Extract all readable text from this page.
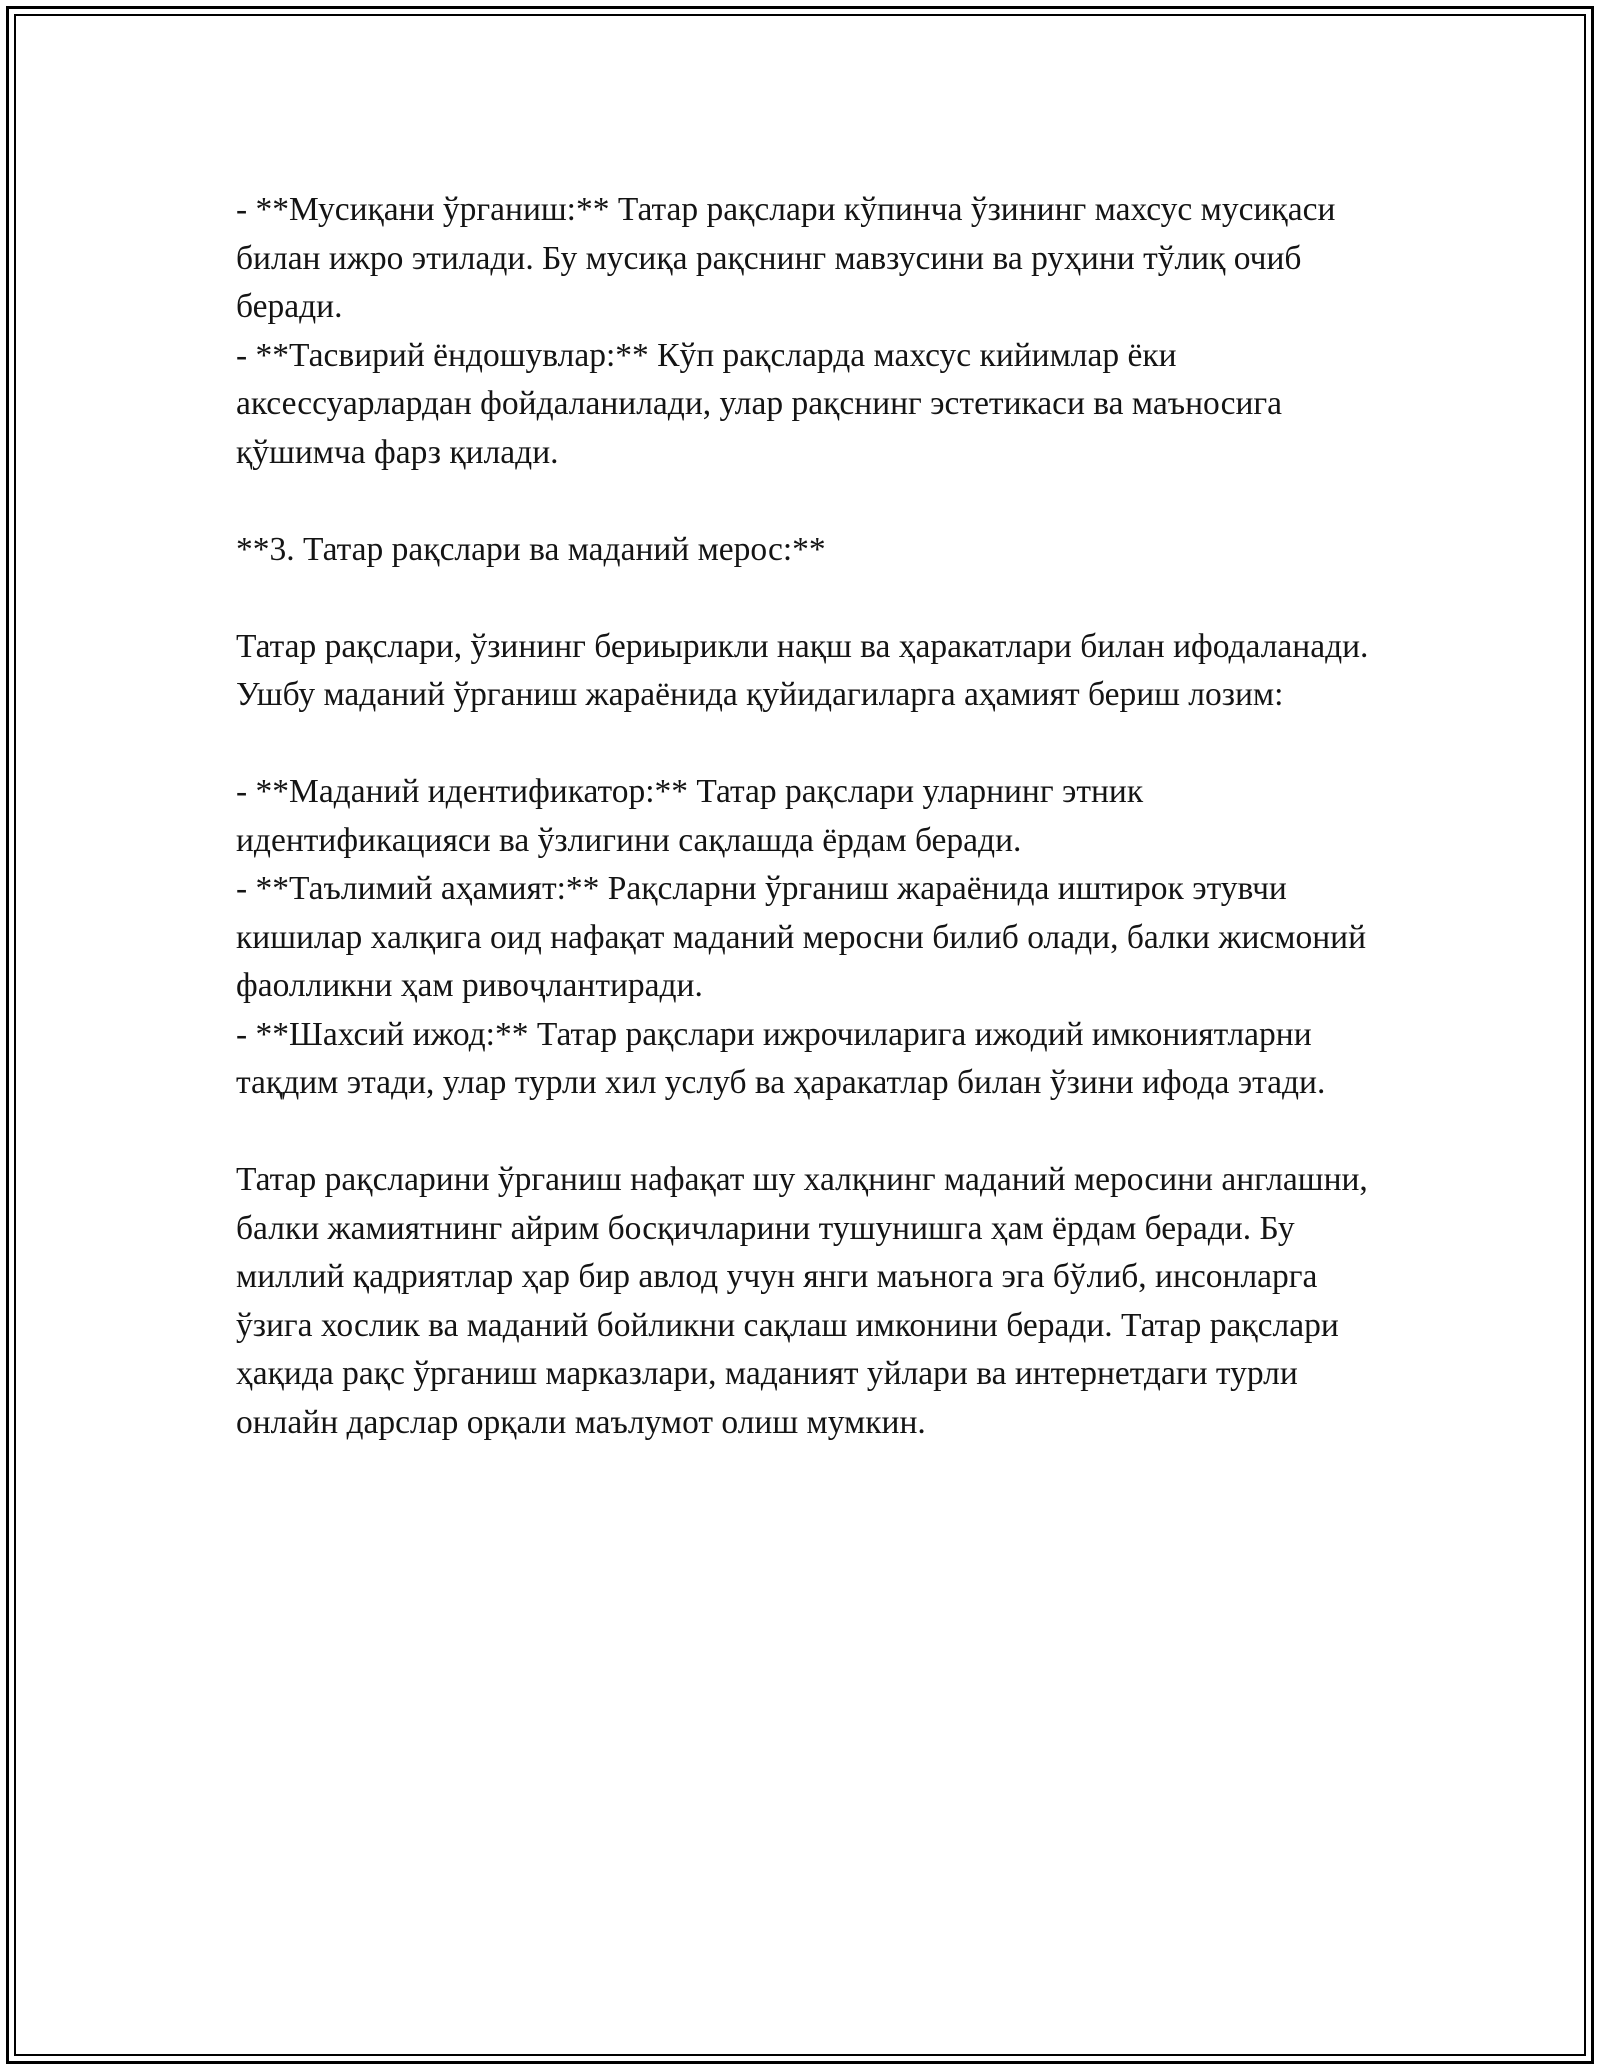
- **Мусиқани ўрганиш:** Татар рақслари кўпинча ўзининг махсус мусиқаси билан ижро этилади. Бу мусиқа рақснинг мавзусини ва руҳини тўлиқ очиб беради.

- **Тасвирий ёндошувлар:** Кўп рақсларда махсус кийимлар ёки аксессуарлардан фойдаланилади, улар рақснинг эстетикаси ва маъносига қўшимча фарз қилади.

**3. Татар рақслари ва маданий мерос:**

Татар рақслари, ўзининг бериырикли нақш ва ҳаракатлари билан ифодаланади. Ушбу маданий ўрганиш жараёнида қуйидагиларга аҳамият бериш лозим:

- **Маданий идентификатор:** Татар рақслари уларнинг этник идентификацияси ва ўзлигини сақлашда ёрдам беради.

- **Таълимий аҳамият:** Рақсларни ўрганиш жараёнида иштирок этувчи кишилар халқига оид нафақат маданий меросни билиб олади, балки жисмоний фаолликни ҳам ривоҷлантиради.

- **Шахсий ижод:** Татар рақслари ижрочиларига ижодий имкониятларни тақдим этади, улар турли хил услуб ва ҳаракатлар билан ўзини ифода этади.

Татар рақсларини ўрганиш нафақат шу халқнинг маданий меросини англашни, балки жамиятнинг айрим босқичларини тушунишга ҳам ёрдам беради. Бу миллий қадриятлар ҳар бир авлод учун янги маънога эга бўлиб, инсонларга ўзига хослик ва маданий бойликни сақлаш имконини беради. Татар рақслари ҳақида рақс ўрганиш марказлари, маданият уйлари ва интернетдаги турли онлайн дарслар орқали маълумот олиш мумкин.
